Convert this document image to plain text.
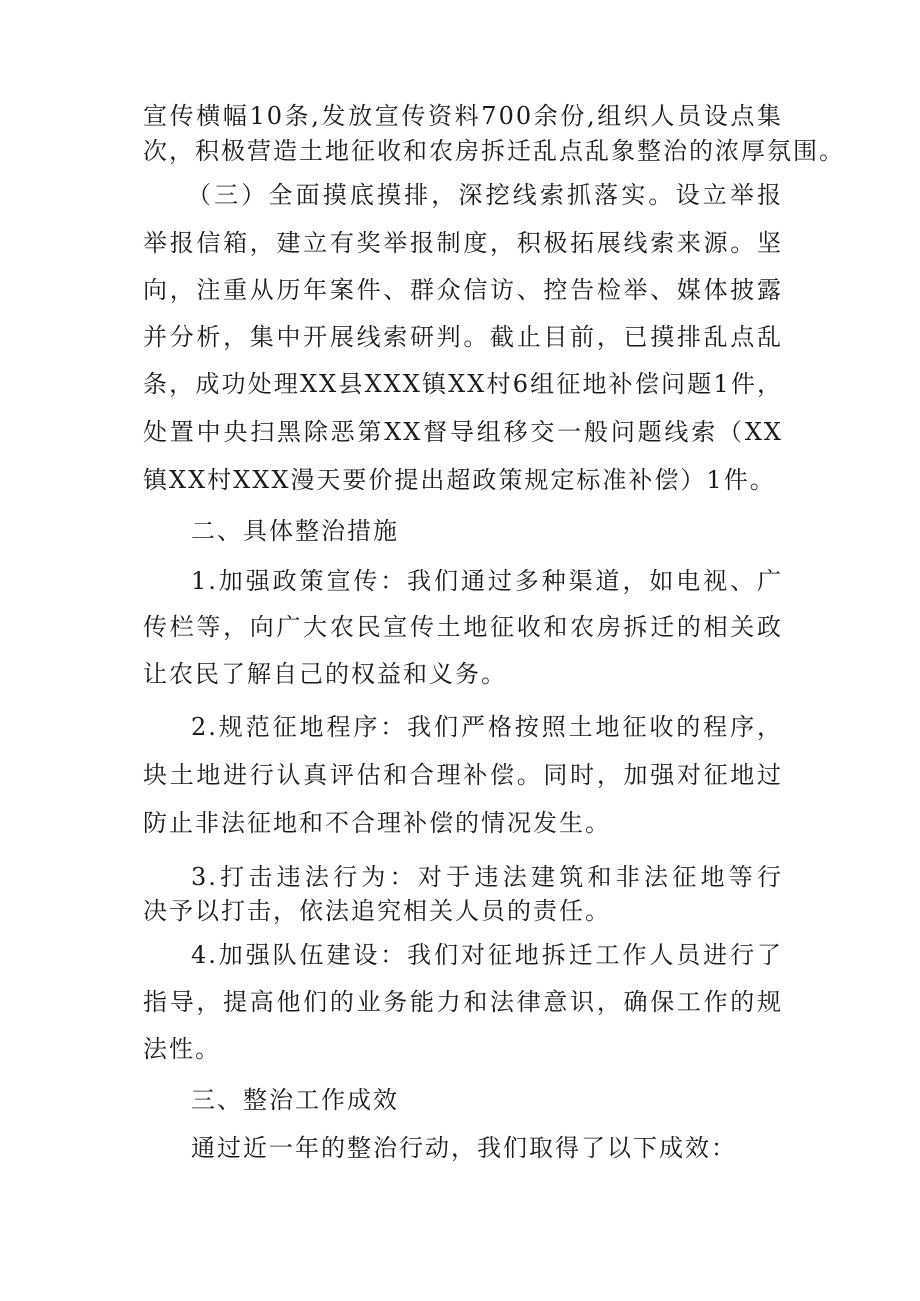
宣传横幅10条,发放宣传资料700余份,组织人员设点集
次，积极营造土地征收和农房拆迁乱点乱象整治的浓厚氛围。
（三）全面摸底摸排，深挖线索抓落实。设立举报
举报信箱，建立有奖举报制度，积极拓展线索来源。坚
向，注重从历年案件、群众信访、控告检举、媒体披露
并分析，集中开展线索研判。截止目前，已摸排乱点乱
条，成功处理XX县XXX镇XX村6组征地补偿问题1件，
处置中央扫黑除恶第XX督导组移交一般问题线索（XX
镇XX村XXX漫天要价提出超政策规定标准补偿）1件。
二、具体整治措施
1.加强政策宣传：我们通过多种渠道，如电视、广
传栏等，向广大农民宣传土地征收和农房拆迁的相关政
让农民了解自己的权益和义务。
2.规范征地程序：我们严格按照土地征收的程序，
块土地进行认真评估和合理补偿。同时，加强对征地过
防止非法征地和不合理补偿的情况发生。
3.打击违法行为：对于违法建筑和非法征地等行
决予以打击，依法追究相关人员的责任。
4.加强队伍建设：我们对征地拆迁工作人员进行了
指导，提高他们的业务能力和法律意识，确保工作的规
法性。
三、整治工作成效
通过近一年的整治行动，我们取得了以下成效：
